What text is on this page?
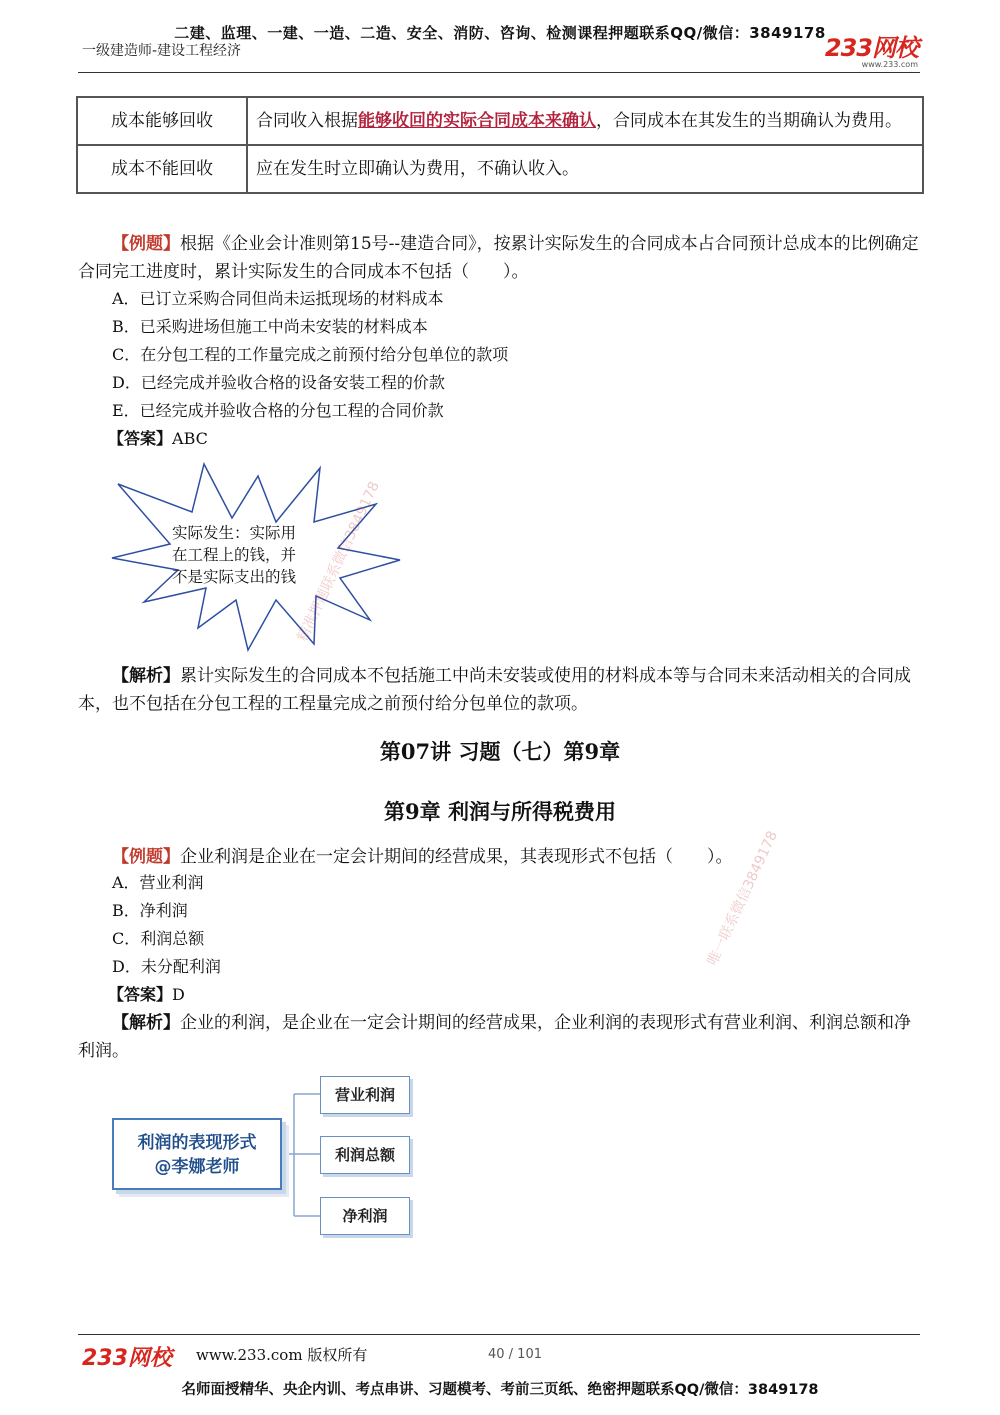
二建、监理、一建、一造、二造、安全、消防、咨询、检测课程押题联系QQ/微信：3849178
一级建造师-建设工程经济	233网校
www.233.com
成本能够回收	合同收入根据能够收回的实际合同成本来确认，合同成本在其发生的当期确认为费用。
成本不能回收	应在发生时立即确认为费用，不确认收入。
【例题】根据《企业会计准则第15号--建造合同》，按累计实际发生的合同成本占合同预计总成本的比例确定合同完工进度时，累计实际发生的合同成本不包括（　　）。
A．已订立采购合同但尚未运抵现场的材料成本
B．已采购进场但施工中尚未安装的材料成本
C．在分包工程的工作量完成之前预付给分包单位的款项
D．已经完成并验收合格的设备安装工程的价款
E．已经完成并验收合格的分包工程的合同价款
【答案】ABC
实际发生：实际用
在工程上的钱，并
不是实际支出的钱
精准押题联系微信3849178
唯一联系微信3849178
【解析】累计实际发生的合同成本不包括施工中尚未安装或使用的材料成本等与合同未来活动相关的合同成本，也不包括在分包工程的工程量完成之前预付给分包单位的款项。
第07讲 习题（七）第9章
第9章 利润与所得税费用
【例题】企业利润是企业在一定会计期间的经营成果，其表现形式不包括（　　）。
A．营业利润
B．净利润
C．利润总额
D．未分配利润
【答案】D
【解析】企业的利润，是企业在一定会计期间的经营成果，企业利润的表现形式有营业利润、利润总额和净利润。
利润的表现形式
@李娜老师
营业利润
利润总额
净利润
233网校 www.233.com 版权所有	40 / 101
名师面授精华、央企内训、考点串讲、习题模考、考前三页纸、绝密押题联系QQ/微信：3849178
